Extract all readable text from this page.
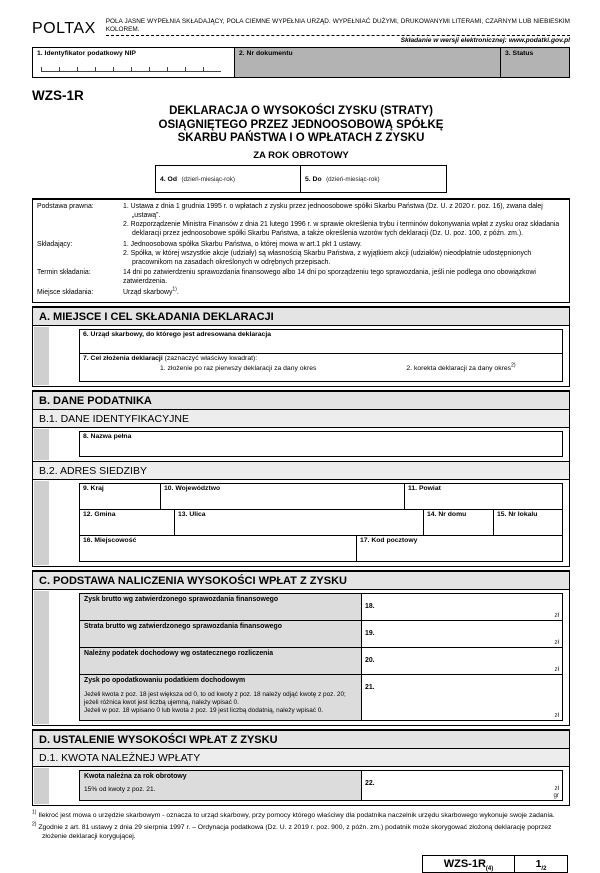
POLTAX POLA JASNE WYPEŁNIA SKŁADAJĄCY, POLA CIEMNE WYPEŁNIA URZĄD. WYPEŁNIAĆ DUŻYMI, DRUKOWANYMI LITERAMI, CZARNYM LUB NIEBIESKIM KOLOREM.
Składanie w wersji elektronicznej: www.podatki.gov.pl
1. Identyfikator podatkowy NIP	2. Nr dokumentu	3. Status
WZS-1R
DEKLARACJA O WYSOKOŚCI ZYSKU (STRATY)
OSIĄGNIĘTEGO PRZEZ JEDNOOSOBOWĄ SPÓŁKĘ
SKARBU PAŃSTWA I O WPŁATACH Z ZYSKU
ZA ROK OBROTOWY
4. Od (dzień-miesiąc-rok)	5. Do (dzień-miesiąc-rok)
Podstawa prawna:	1. Ustawa z dnia 1 grudnia 1995 r. o wpłatach z zysku przez jednoosobowe spółki Skarbu Państwa (Dz. U. z 2020 r. poz. 16), zwana dalej „ustawą”.
2. Rozporządzenie Ministra Finansów z dnia 21 lutego 1996 r. w sprawie określenia trybu i terminów dokonywania wpłat z zysku oraz składania deklaracji przez jednoosobowe spółki Skarbu Państwa, a także określenia wzorów tych deklaracji (Dz. U. poz. 100, z późn. zm.).
Składający:	1. Jednoosobowa spółka Skarbu Państwa, o której mowa w art.1 pkt 1 ustawy.
2. Spółka, w której wszystkie akcje (udziały) są własnością Skarbu Państwa, z wyjątkiem akcji (udziałów) nieodpłatnie udostępnionych pracownikom na zasadach określonych w odrębnych przepisach.
Termin składania:	14 dni po zatwierdzeniu sprawozdania finansowego albo 14 dni po sporządzeniu tego sprawozdania, jeśli nie podlega ono obowiązkowi zatwierdzenia.
Miejsce składania:	Urząd skarbowy$^{1)}$.
A. MIEJSCE I CEL SKŁADANIA DEKLARACJI
6. Urząd skarbowy, do którego jest adresowana deklaracja
7. Cel złożenia deklaracji (zaznaczyć właściwy kwadrat):
1. złożenie po raz pierwszy deklaracji za dany okres	2. korekta deklaracji za dany okres$^{2)}$
B. DANE PODATNIKA
B.1. DANE IDENTYFIKACYJNE
8. Nazwa pełna
B.2. ADRES SIEDZIBY
9. Kraj	10. Województwo	11. Powiat
12. Gmina	13. Ulica	14. Nr domu	15. Nr lokalu
16. Miejscowość	17. Kod pocztowy
C. PODSTAWA NALICZENIA WYSOKOŚCI WPŁAT Z ZYSKU
Zysk brutto wg zatwierdzonego sprawozdania finansowego
18.
zł
Strata brutto wg zatwierdzonego sprawozdania finansowego
19.
zł
Należny podatek dochodowy wg ostatecznego rozliczenia
20.
zł
Zysk po opodatkowaniu podatkiem dochodowym
Jeżeli kwota z poz. 18 jest większa od 0, to od kwoty z poz. 18 należy odjąć kwotę z poz. 20; jeżeli różnica kwot jest liczbą ujemną, należy wpisać 0.
Jeżeli w poz. 18 wpisano 0 lub kwota z poz. 19 jest liczbą dodatnią, należy wpisać 0.
21.
zł
D. USTALENIE WYSOKOŚCI WPŁAT Z ZYSKU
D.1. KWOTA NALEŻNEJ WPŁATY
Kwota należna za rok obrotowy
15% od kwoty z poz. 21.
22.
zł
gr
$^{1)}$ Ilekroć jest mowa o urzędzie skarbowym - oznacza to urząd skarbowy, przy pomocy którego właściwy dla podatnika naczelnik urzędu skarbowego wykonuje swoje zadania.
$^{2)}$ Zgodnie z art. 81 ustawy z dnia 29 sierpnia 1997 r. – Ordynacja podatkowa (Dz. U. z 2019 r. poz. 900, z późn. zm.) podatnik może skorygować złożoną deklarację poprzez złożenie deklaracji korygującej.
WZS-$1R_{(4)}$	$1_{/2}$
